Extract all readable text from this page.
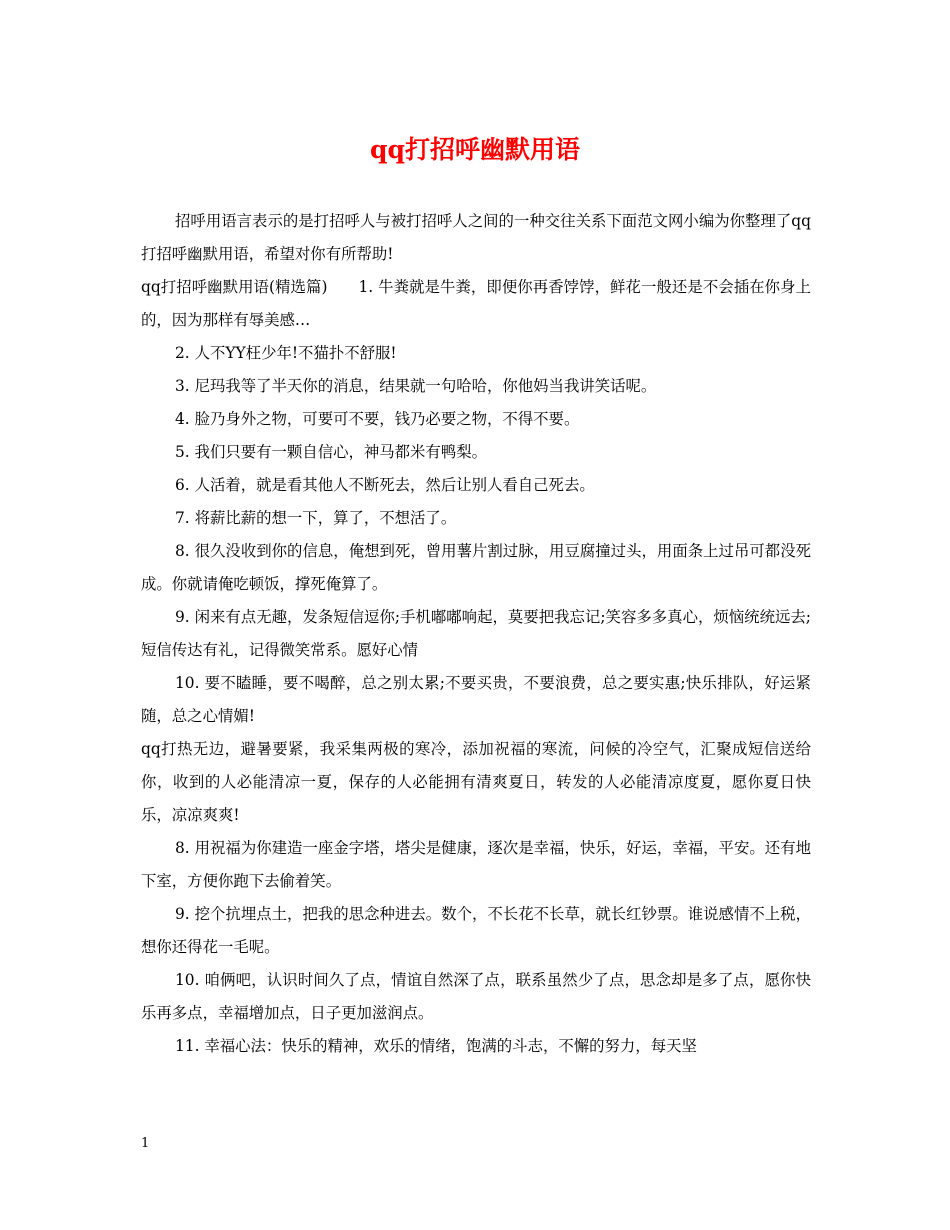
qq打招呼幽默用语

招呼用语言表示的是打招呼人与被打招呼人之间的一种交往关系下面范文网小编为你整理了qq打招呼幽默用语，希望对你有所帮助!

qq打招呼幽默用语(精选篇)　　1. 牛粪就是牛粪，即便你再香饽饽，鲜花一般还是不会插在你身上的，因为那样有辱美感…

2. 人不YY枉少年!不猫扑不舒服!

3. 尼玛我等了半天你的消息，结果就一句哈哈，你他妈当我讲笑话呢。

4. 脸乃身外之物，可要可不要，钱乃必要之物，不得不要。

5. 我们只要有一颗自信心，神马都米有鸭梨。

6. 人活着，就是看其他人不断死去，然后让别人看自己死去。

7. 将薪比薪的想一下，算了，不想活了。

8. 很久没收到你的信息，俺想到死，曾用薯片割过脉，用豆腐撞过头，用面条上过吊可都没死成。你就请俺吃顿饭，撑死俺算了。

9. 闲来有点无趣，发条短信逗你;手机嘟嘟响起，莫要把我忘记;笑容多多真心，烦恼统统远去;短信传达有礼，记得微笑常系。愿好心情

10. 要不瞌睡，要不喝醉，总之别太累;不要买贵，不要浪费，总之要实惠;快乐排队，好运紧随，总之心情媚!

qq打热无边，避暑要紧，我采集两极的寒冷，添加祝福的寒流，问候的冷空气，汇聚成短信送给你，收到的人必能清凉一夏，保存的人必能拥有清爽夏日，转发的人必能清凉度夏，愿你夏日快乐，凉凉爽爽!

8. 用祝福为你建造一座金字塔，塔尖是健康，逐次是幸福，快乐，好运，幸福，平安。还有地下室，方便你跑下去偷着笑。

9. 挖个抗埋点土，把我的思念种进去。数个，不长花不长草，就长红钞票。谁说感情不上税，想你还得花一毛呢。

10. 咱俩吧，认识时间久了点，情谊自然深了点，联系虽然少了点，思念却是多了点，愿你快乐再多点，幸福增加点，日子更加滋润点。

11. 幸福心法：快乐的精神，欢乐的情绪，饱满的斗志，不懈的努力，每天坚

1
